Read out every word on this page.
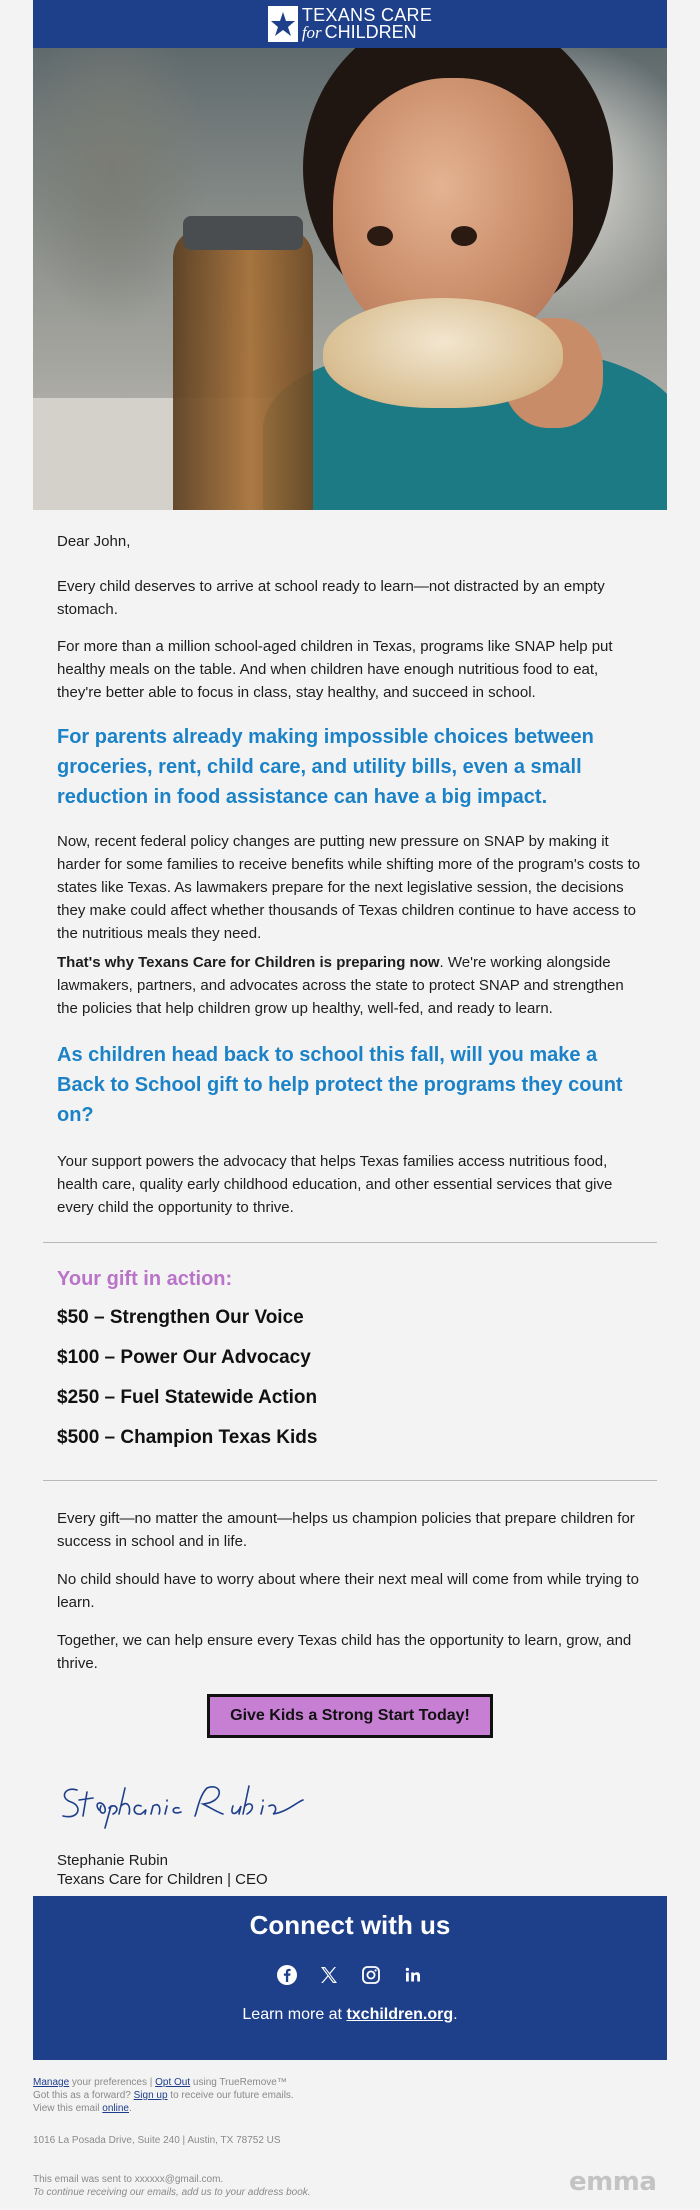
TEXANS CARE
for CHILDREN

Dear John,

Every child deserves to arrive at school ready to learn—not distracted by an empty stomach.

For more than a million school-aged children in Texas, programs like SNAP help put healthy meals on the table. And when children have enough nutritious food to eat, they're better able to focus in class, stay healthy, and succeed in school.

For parents already making impossible choices between groceries, rent, child care, and utility bills, even a small reduction in food assistance can have a big impact.

Now, recent federal policy changes are putting new pressure on SNAP by making it harder for some families to receive benefits while shifting more of the program's costs to states like Texas. As lawmakers prepare for the next legislative session, the decisions they make could affect whether thousands of Texas children continue to have access to the nutritious meals they need.

That's why Texans Care for Children is preparing now. We're working alongside lawmakers, partners, and advocates across the state to protect SNAP and strengthen the policies that help children grow up healthy, well-fed, and ready to learn.

As children head back to school this fall, will you make a Back to School gift to help protect the programs they count on?

Your support powers the advocacy that helps Texas families access nutritious food, health care, quality early childhood education, and other essential services that give every child the opportunity to thrive.

Your gift in action:
$50 – Strengthen Our Voice
$100 – Power Our Advocacy
$250 – Fuel Statewide Action
$500 – Champion Texas Kids

Every gift—no matter the amount—helps us champion policies that prepare children for success in school and in life.

No child should have to worry about where their next meal will come from while trying to learn.

Together, we can help ensure every Texas child has the opportunity to learn, grow, and thrive.

Give Kids a Strong Start Today!

Stephanie Rubin

Texans Care for Children | CEO

Connect with us
Learn more at txchildren.org.
Manage your preferences | Opt Out using TrueRemove™
Got this as a forward? Sign up to receive our future emails.
View this email online.
1016 La Posada Drive, Suite 240 | Austin, TX 78752 US
This email was sent to xxxxxx@gmail.com.
To continue receiving our emails, add us to your address book.	emma
